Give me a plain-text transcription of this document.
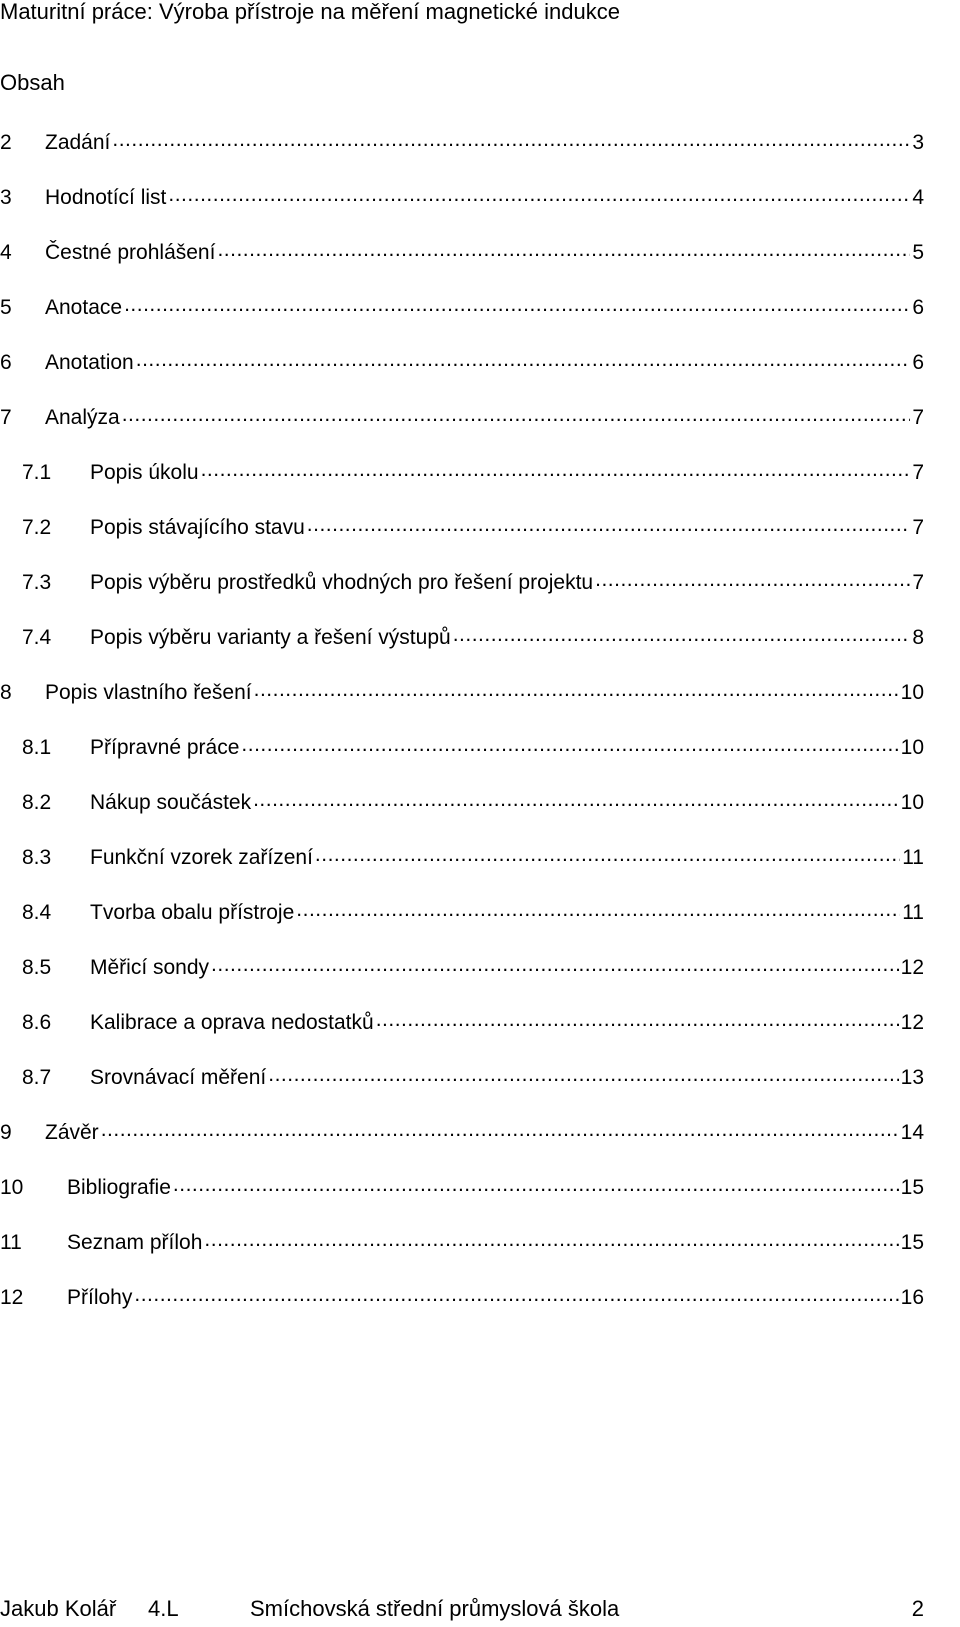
Maturitní práce: Výroba přístroje na měření magnetické indukce
Obsah
2	Zadání .....	3
3	Hodnotící list .....	4
4	Čestné prohlášení .....	5
5	Anotace .....	6
6	Anotation .....	6
7	Analýza .....	7
7.1	Popis úkolu .....	7
7.2	Popis stávajícího stavu .....	7
7.3	Popis výběru prostředků vhodných pro řešení projektu .....	7
7.4	Popis výběru varianty a řešení výstupů .....	8
8	Popis vlastního řešení .....	10
8.1	Přípravné práce .....	10
8.2	Nákup součástek .....	10
8.3	Funkční vzorek zařízení .....	11
8.4	Tvorba obalu přístroje .....	11
8.5	Měřicí sondy .....	12
8.6	Kalibrace a oprava nedostatků .....	12
8.7	Srovnávací měření .....	13
9	Závěr .....	14
10	Bibliografie .....	15
11	Seznam příloh .....	15
12	Přílohy .....	16
Jakub Kolář 4.L	Smíchovská střední průmyslová škola	2
